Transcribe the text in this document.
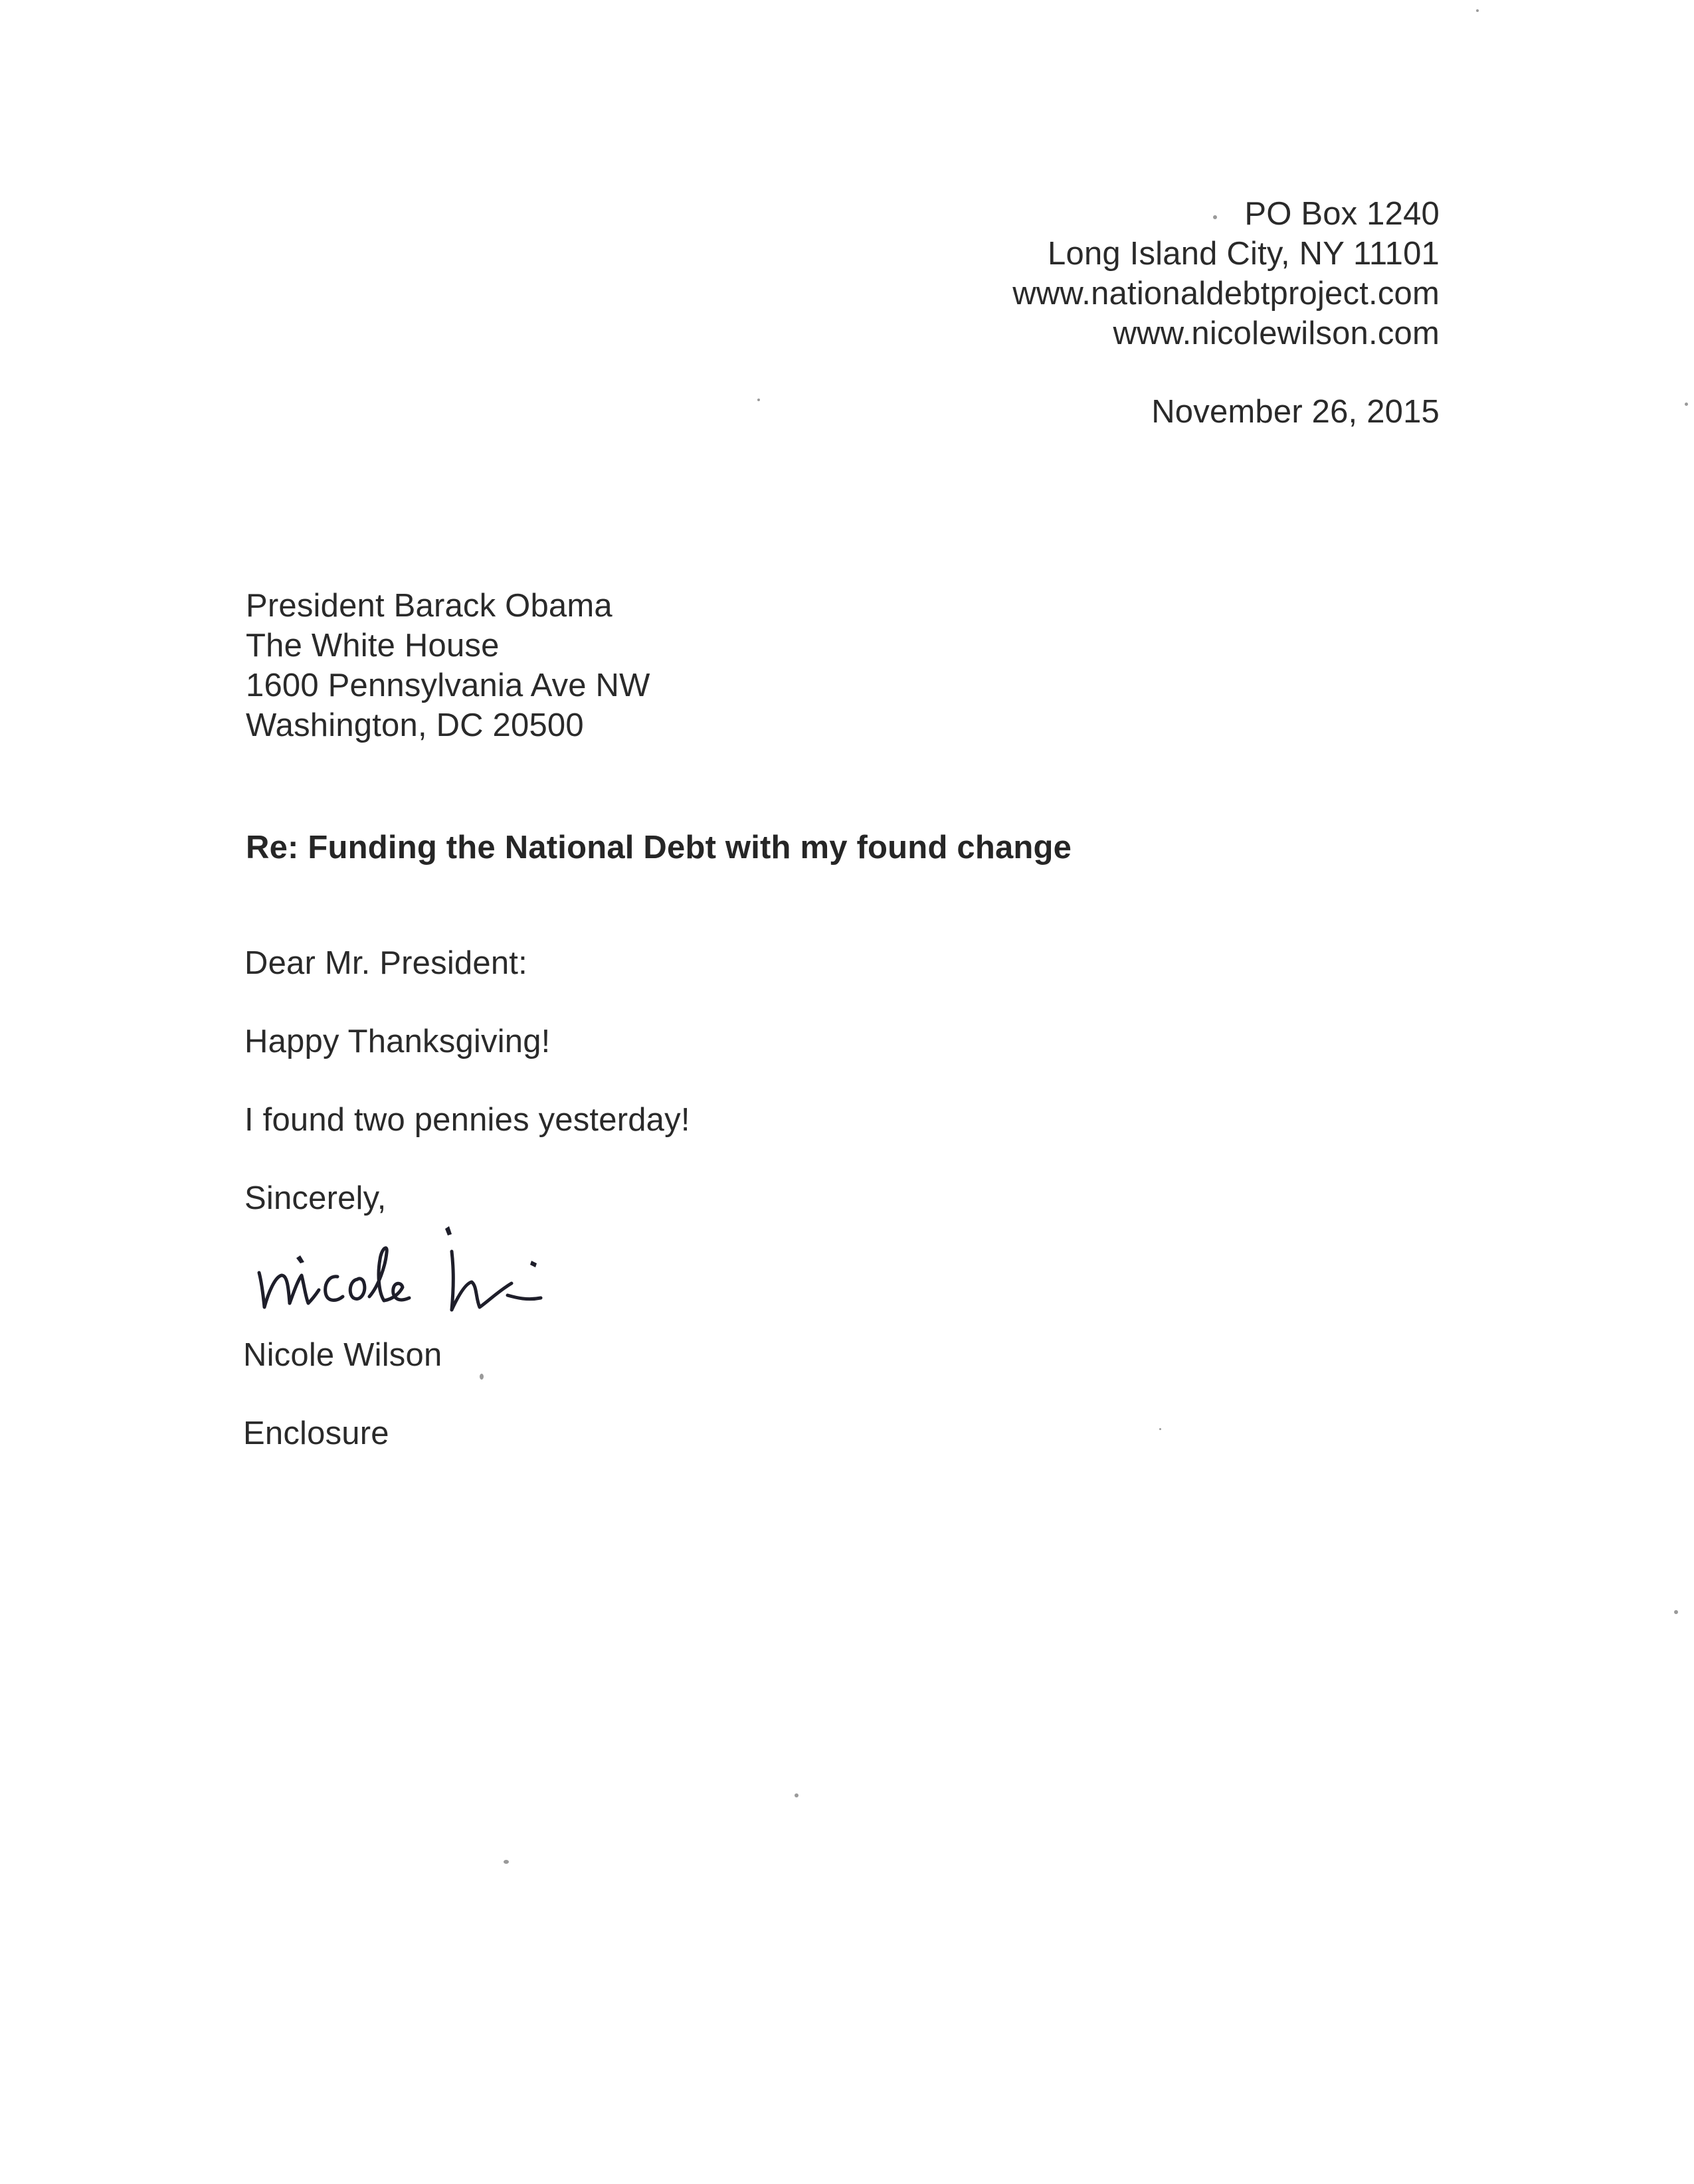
PO Box 1240
Long Island City, NY 11101
www.nationaldebtproject.com
www.nicolewilson.com
November 26, 2015
President Barack Obama
The White House
1600 Pennsylvania Ave NW
Washington, DC 20500
Re: Funding the National Debt with my found change
Dear Mr. President:
Happy Thanksgiving!
I found two pennies yesterday!
Sincerely,
Nicole Wilson
Enclosure
